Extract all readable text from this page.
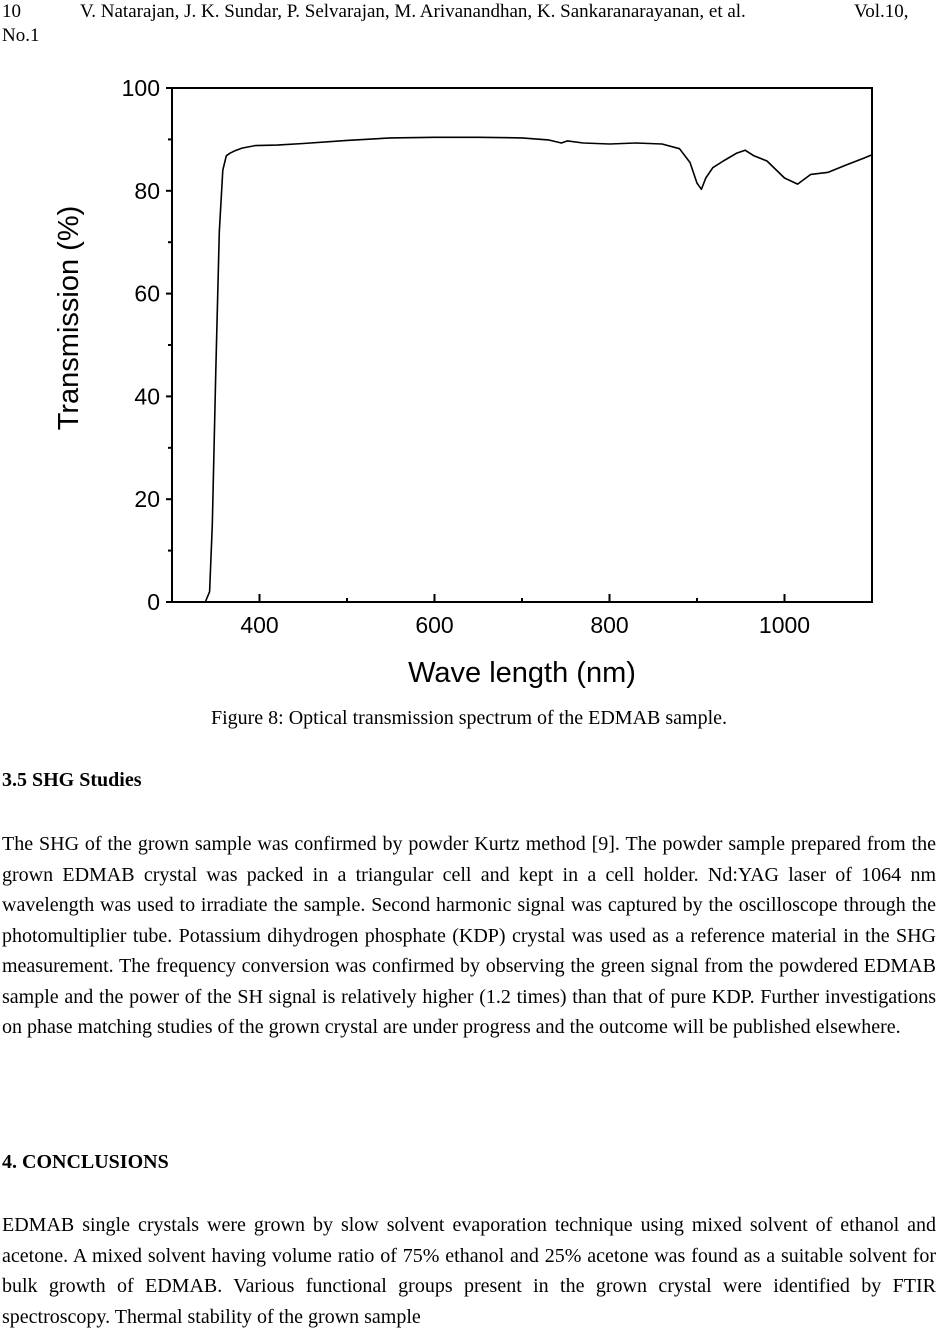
10	V. Natarajan, J. K. Sundar, P. Selvarajan, M. Arivanandhan, K. Sankaranarayanan, et al.	Vol.10,
No.1
400	600	800	1000
0
20
40
60
80
100
Wave length (nm)
Transmission (%)
Figure 8: Optical transmission spectrum of the EDMAB sample.
3.5 SHG Studies

The SHG of the grown sample was confirmed by powder Kurtz method [9]. The powder sample prepared from the grown EDMAB crystal was packed in a triangular cell and kept in a cell holder. Nd:YAG laser of 1064 nm wavelength was used to irradiate the sample. Second harmonic signal was captured by the oscilloscope through the photomultiplier tube. Potassium dihydrogen phosphate (KDP) crystal was used as a reference material in the SHG measurement. The frequency conversion was confirmed by observing the green signal from the powdered EDMAB sample and the power of the SH signal is relatively higher (1.2 times) than that of pure KDP. Further investigations on phase matching studies of the grown crystal are under progress and the outcome will be published elsewhere.

4. CONCLUSIONS

EDMAB single crystals were grown by slow solvent evaporation technique using mixed solvent of ethanol and acetone. A mixed solvent having volume ratio of 75% ethanol and 25% acetone was found as a suitable solvent for bulk growth of EDMAB. Various functional groups present in the grown crystal were identified by FTIR spectroscopy. Thermal stability of the grown sample
